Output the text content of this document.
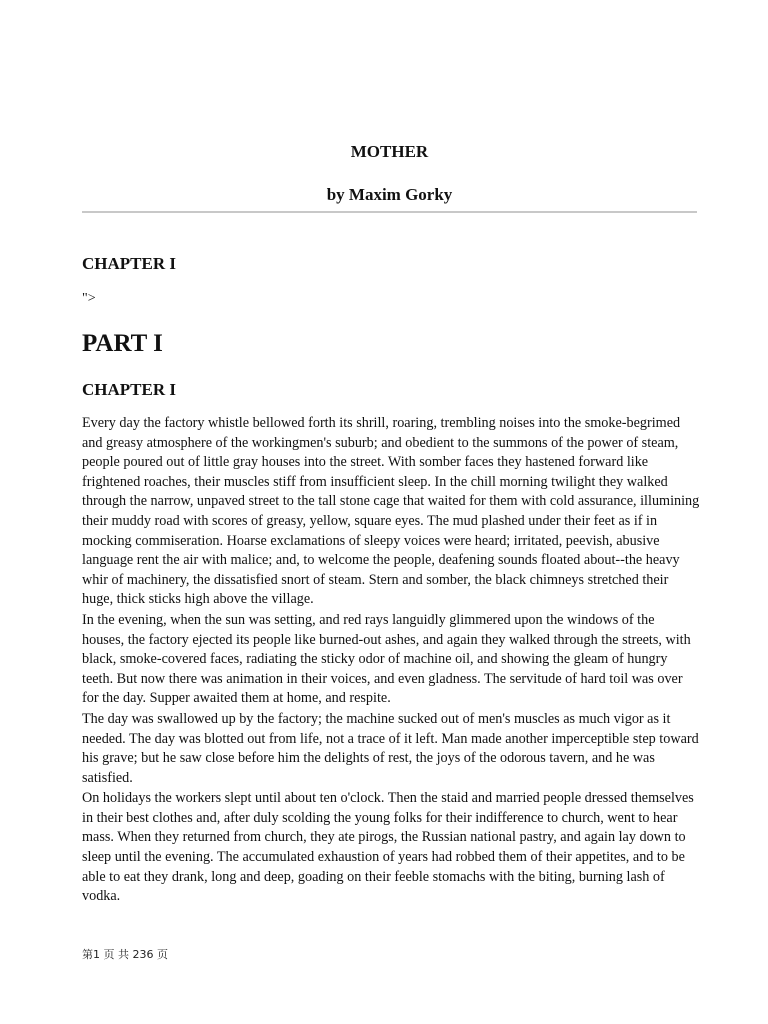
MOTHER
by Maxim Gorky
CHAPTER I
">
PART I
CHAPTER I

Every day the factory whistle bellowed forth its shrill, roaring, trembling noises into the smoke-begrimed and greasy atmosphere of the workingmen's suburb; and obedient to the summons of the power of steam, people poured out of little gray houses into the street. With somber faces they hastened forward like frightened roaches, their muscles stiff from insufficient sleep. In the chill morning twilight they walked through the narrow, unpaved street to the tall stone cage that waited for them with cold assurance, illumining their muddy road with scores of greasy, yellow, square eyes. The mud plashed under their feet as if in mocking commiseration. Hoarse exclamations of sleepy voices were heard; irritated, peevish, abusive language rent the air with malice; and, to welcome the people, deafening sounds floated about--the heavy whir of machinery, the dissatisfied snort of steam. Stern and somber, the black chimneys stretched their huge, thick sticks high above the village.

In the evening, when the sun was setting, and red rays languidly glimmered upon the windows of the houses, the factory ejected its people like burned-out ashes, and again they walked through the streets, with black, smoke-covered faces, radiating the sticky odor of machine oil, and showing the gleam of hungry teeth. But now there was animation in their voices, and even gladness. The servitude of hard toil was over for the day. Supper awaited them at home, and respite.

The day was swallowed up by the factory; the machine sucked out of men's muscles as much vigor as it needed. The day was blotted out from life, not a trace of it left. Man made another imperceptible step toward his grave; but he saw close before him the delights of rest, the joys of the odorous tavern, and he was satisfied.

On holidays the workers slept until about ten o'clock. Then the staid and married people dressed themselves in their best clothes and, after duly scolding the young folks for their indifference to church, went to hear mass. When they returned from church, they ate pirogs, the Russian national pastry, and again lay down to sleep until the evening. The accumulated exhaustion of years had robbed them of their appetites, and to be able to eat they drank, long and deep, goading on their feeble stomachs with the biting, burning lash of vodka.

第1 页 共 236 页
